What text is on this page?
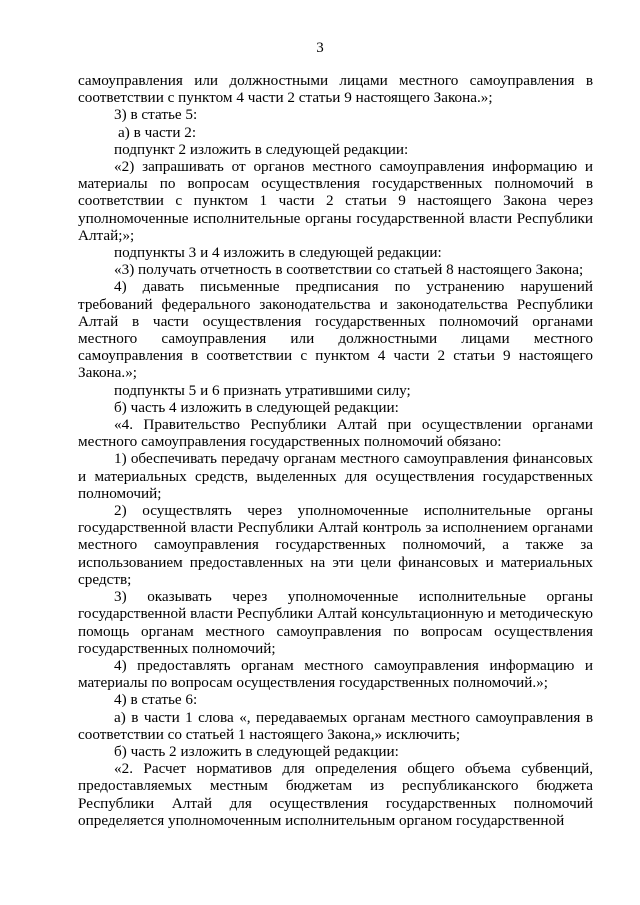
3

самоуправления или должностными лицами местного самоуправления в соответствии с пунктом 4 части 2 статьи 9 настоящего Закона.»;

3) в статье 5:

а) в части 2:

подпункт 2 изложить в следующей редакции:

«2) запрашивать от органов местного самоуправления информацию и материалы по вопросам осуществления государственных полномочий в соответствии с пунктом 1 части 2 статьи 9 настоящего Закона через уполномоченные исполнительные органы государственной власти Республики Алтай;»;

подпункты 3 и 4 изложить в следующей редакции:

«3) получать отчетность в соответствии со статьей 8 настоящего Закона;

4) давать письменные предписания по устранению нарушений требований федерального законодательства и законодательства Республики Алтай в части осуществления государственных полномочий органами местного самоуправления или должностными лицами местного самоуправления в соответствии с пунктом 4 части 2 статьи 9 настоящего Закона.»;

подпункты 5 и 6 признать утратившими силу;

б) часть 4 изложить в следующей редакции:

«4. Правительство Республики Алтай при осуществлении органами местного самоуправления государственных полномочий обязано:

1) обеспечивать передачу органам местного самоуправления финансовых и материальных средств, выделенных для осуществления государственных полномочий;

2) осуществлять через уполномоченные исполнительные органы государственной власти Республики Алтай контроль за исполнением органами местного самоуправления государственных полномочий, а также за использованием предоставленных на эти цели финансовых и материальных средств;

3) оказывать через уполномоченные исполнительные органы государственной власти Республики Алтай консультационную и методическую помощь органам местного самоуправления по вопросам осуществления государственных полномочий;

4) предоставлять органам местного самоуправления информацию и материалы по вопросам осуществления государственных полномочий.»;

4) в статье 6:

а) в части 1 слова «, передаваемых органам местного самоуправления в соответствии со статьей 1 настоящего Закона,» исключить;

б) часть 2 изложить в следующей редакции:

«2. Расчет нормативов для определения общего объема субвенций, предоставляемых местным бюджетам из республиканского бюджета Республики Алтай для осуществления государственных полномочий определяется уполномоченным исполнительным органом государственной
